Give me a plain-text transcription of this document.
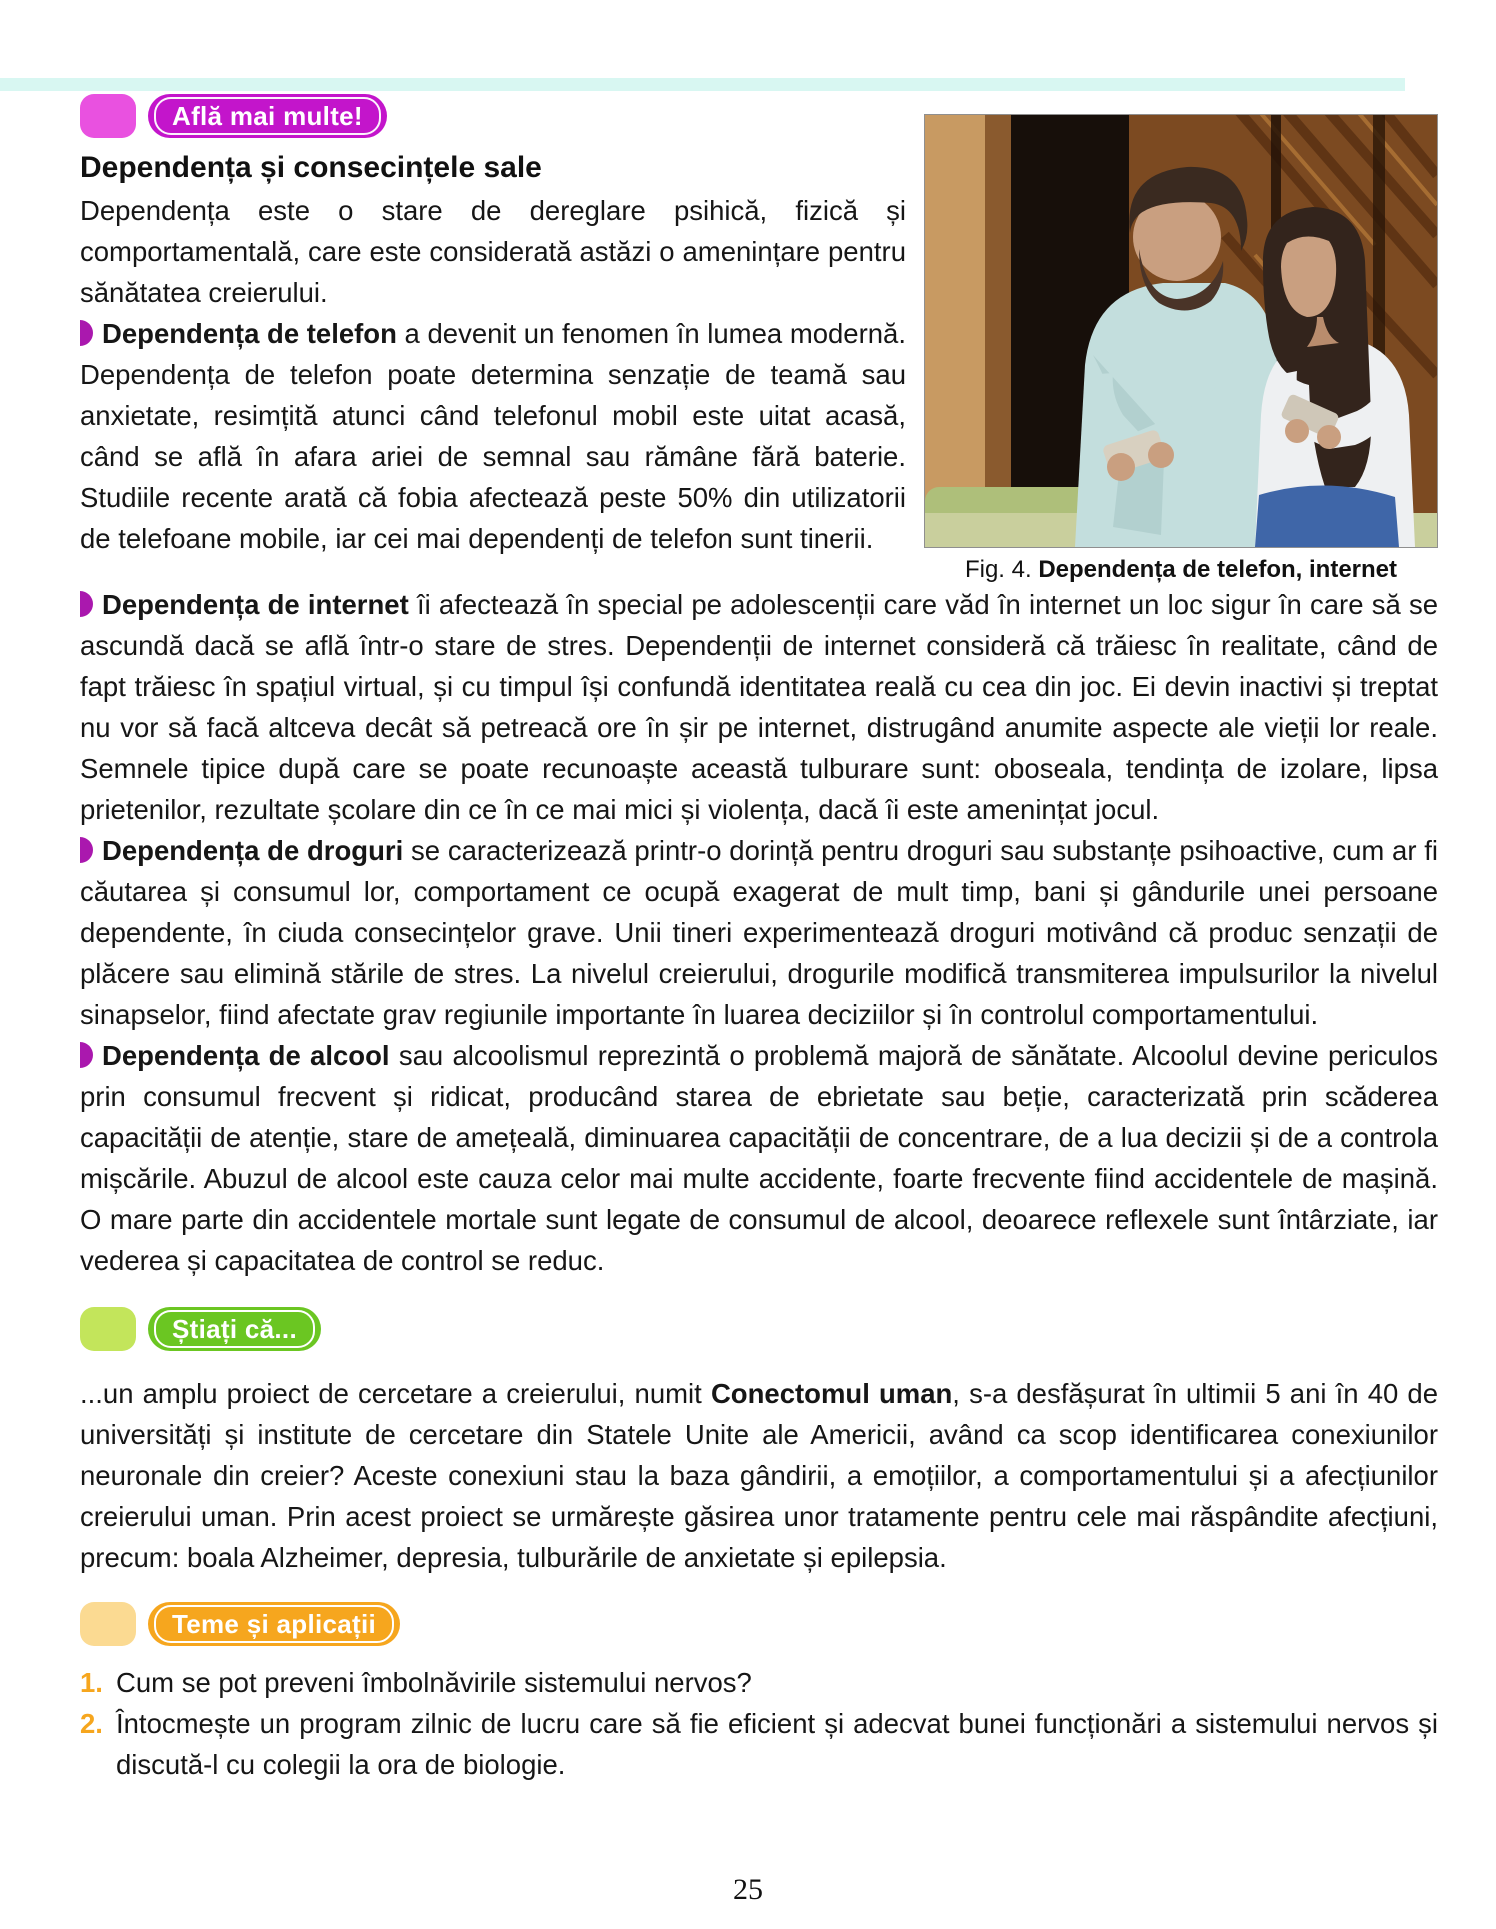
Află mai multe!
Dependența și consecințele sale

Dependența este o stare de dereglare psihică, fizică și comportamentală, care este considerată astăzi o amenințare pentru sănătatea creierului.

Dependența de telefon a devenit un fenomen în lumea modernă. Dependența de telefon poate determina senzație de teamă sau anxietate, resimțită atunci când telefonul mobil este uitat acasă, când se află în afara ariei de semnal sau rămâne fără baterie. Studiile recente arată că fobia afectează peste 50% din utilizatorii de telefoane mobile, iar cei mai dependenți de telefon sunt tinerii.

Fig. 4. Dependența de telefon, internet

Dependența de internet îi afectează în special pe adolescenții care văd în internet un loc sigur în care să se ascundă dacă se află într-o stare de stres. Dependenții de internet consideră că trăiesc în realitate, când de fapt trăiesc în spațiul virtual, și cu timpul își confundă identitatea reală cu cea din joc. Ei devin inactivi și treptat nu vor să facă altceva decât să petreacă ore în șir pe internet, distrugând anumite aspecte ale vieții lor reale. Semnele tipice după care se poate recunoaște această tulburare sunt: oboseala, tendința de izolare, lipsa prietenilor, rezultate școlare din ce în ce mai mici și violența, dacă îi este amenințat jocul.

Dependența de droguri se caracterizează printr-o dorință pentru droguri sau substanțe psihoactive, cum ar fi căutarea și consumul lor, comportament ce ocupă exagerat de mult timp, bani și gândurile unei persoane dependente, în ciuda consecințelor grave. Unii tineri experimentează droguri motivând că produc senzații de plăcere sau elimină stările de stres. La nivelul creierului, drogurile modifică transmiterea impulsurilor la nivelul sinapselor, fiind afectate grav regiunile importante în luarea deciziilor și în controlul comportamentului.

Dependența de alcool sau alcoolismul reprezintă o problemă majoră de sănătate. Alcoolul devine periculos prin consumul frecvent și ridicat, producând starea de ebrietate sau beție, caracterizată prin scăderea capacității de atenție, stare de amețeală, diminuarea capacității de concentrare, de a lua decizii și de a controla mișcările. Abuzul de alcool este cauza celor mai multe accidente, foarte frecvente fiind accidentele de mașină. O mare parte din accidentele mortale sunt legate de consumul de alcool, deoarece reflexele sunt întârziate, iar vederea și capacitatea de control se reduc.

Știați că...

...un amplu proiect de cercetare a creierului, numit Conectomul uman, s-a desfășurat în ultimii 5 ani în 40 de universități și institute de cercetare din Statele Unite ale Americii, având ca scop identificarea conexiunilor neuronale din creier? Aceste conexiuni stau la baza gândirii, a emoțiilor, a comportamentului și a afecțiunilor creierului uman. Prin acest proiect se urmărește găsirea unor tratamente pentru cele mai răspândite afecțiuni, precum: boala Alzheimer, depresia, tulburările de anxietate și epilepsia.

Teme și aplicații
1. Cum se pot preveni îmbolnăvirile sistemului nervos?
2. Întocmește un program zilnic de lucru care să fie eficient și adecvat bunei funcționări a sistemului nervos și discută-l cu colegii la ora de biologie.
25
